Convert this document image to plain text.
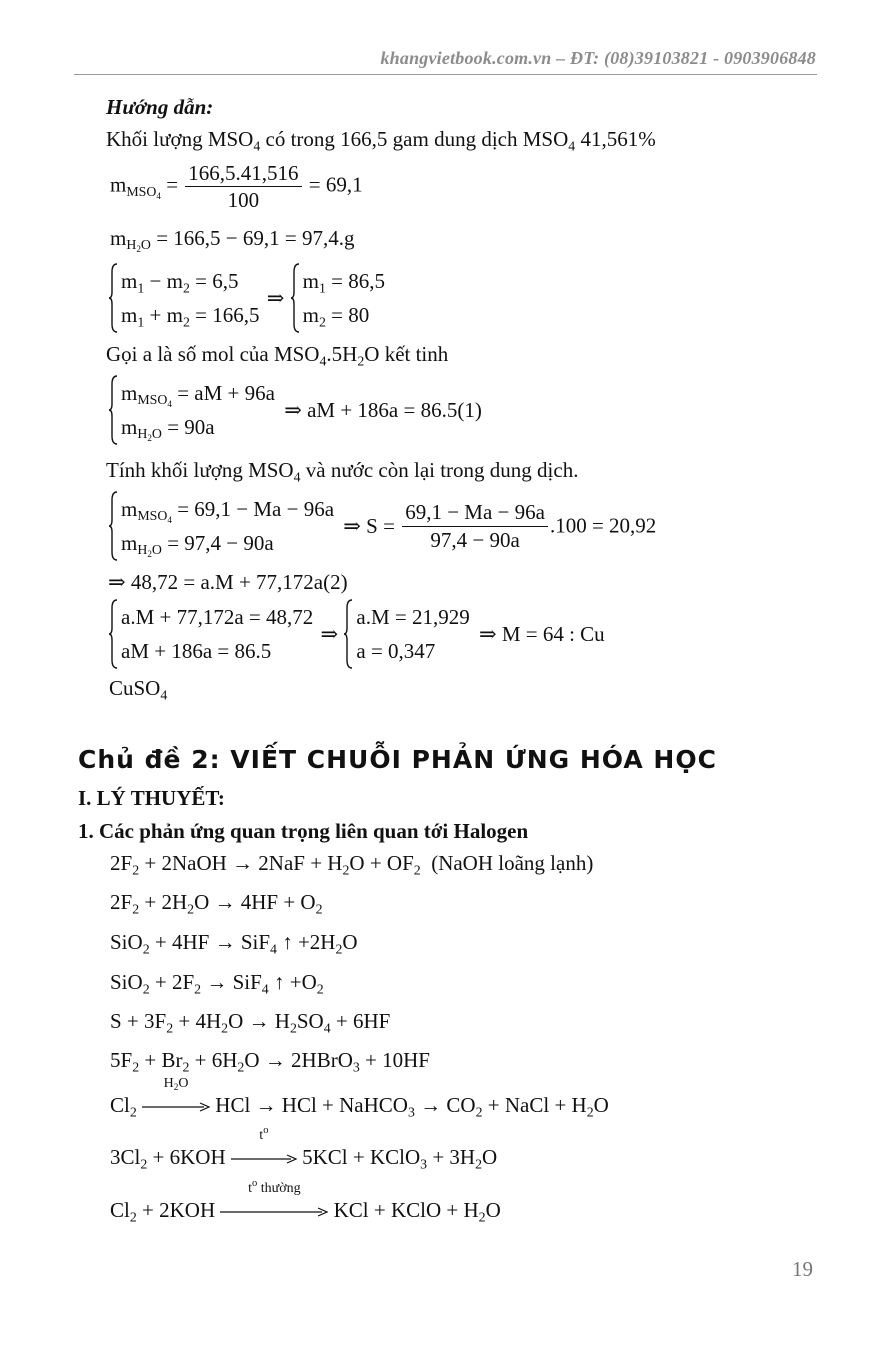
khangvietbook.com.vn – ĐT: (08)39103821 - 0903906848
Hướng dẫn:
Khối lượng $MSO_4$ có trong 166,5 gam dung dịch $MSO_4$ 41,561%
$m_{MSO_4} = \frac{166,5.41,516}{100} = 69,1$
$m_{H_2O} = 166,5 - 69,1 = 97,4.g$
$m_1 - m_2 = 6,5$
$m_1 + m_2 = 166,5$
⇒
$m_1 = 86,5$
$m_2 = 80$
Gọi a là số mol của $MSO_4.5H_2O$ kết tinh
$m_{MSO_4}$ = aM + 96a
$m_{H_2O} = 90a$
⇒ aM + 186a = 86.5(1)
Tính khối lượng $MSO_4$ và nước còn lại trong dung dịch.
$m_{MSO_4} = 69,1 - Ma - 96a$
$m_{H_2O} = 97,4 - 90a$
⇒ $S = \frac{69,1 - Ma - 96a}{97,4 - 90a} .100 = 20,92$
⇒ 48,72 = a.M + 77,172a(2)
a.M + 77,172a = 48,72
aM + 186a = 86.5
⇒
a.M = 21,929
a = 0,347
⇒ M = 64 : Cu
CuSO$_4$
Chủ đề 2: VIẾT CHUỖI PHẢN ỨNG HÓA HỌC
I. LÝ THUYẾT:
1. Các phản ứng quan trọng liên quan tới Halogen
$2F_2$ + 2NaOH → $2NaF + H_2O + OF_2$ (NaOH loãng lạnh)
$2F_2 + 2H_2O \to 4HF + O_2$
SiO$_2$ + 4HF → SiF$_4$ ↑ $+2H_2O$
$SiO_2 + 2F_2 \to SiF_4$ ↑ $+O_2$
$S + 3F_2 + 4H_2O \to H_2SO_4 + 6HF$
$5F_2 + Br_2 + 6H_2O$ → 2HBrO$_3$ + 10HF
$Cl_2$
$H_2O$
HCl → HCl + NaHCO$_3$ → $CO_2$ + NaCl + $H_2O$
$3Cl_2 + 6KOH$
$t^o$
5KCl + KClO$_3$ + $3H_2O$
$Cl_2 + 2KOH$
$t^o$ thường
KCl + KClO + $H_2O$
19
